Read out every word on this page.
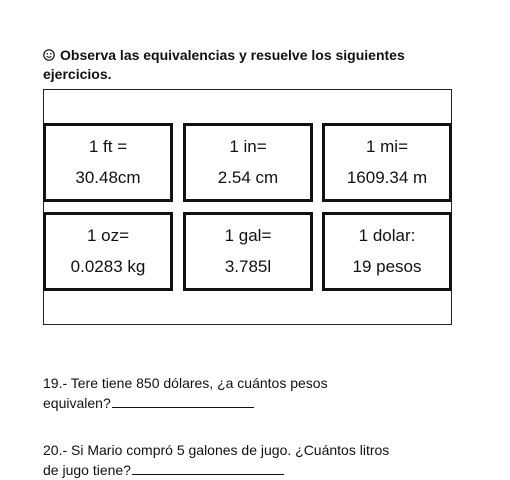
Observa las equivalencias y resuelve los siguientes ejercicios.
1 ft =
30.48cm
1 in=
2.54 cm
1 mi=
1609.34 m
1 oz=
0.0283 kg
1 gal=
3.785l
1 dolar:
19 pesos
19.- Tere tiene 850 dólares, ¿a cuántos pesos
equivalen?
20.- Si Mario compró 5 galones de jugo. ¿Cuántos litros
de jugo tiene?
